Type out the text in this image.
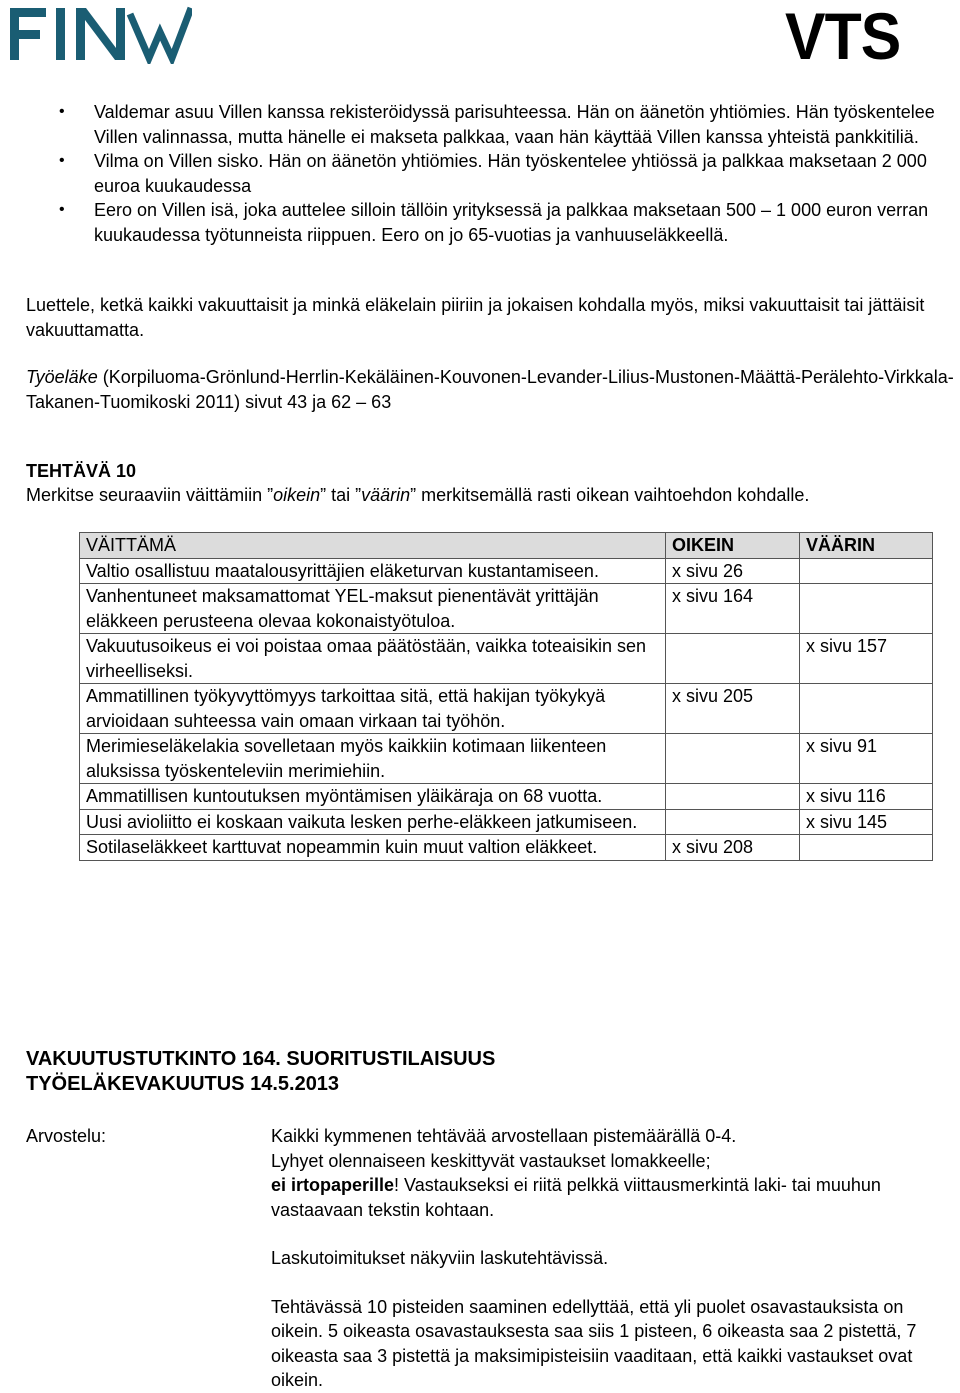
VTS
• Valdemar asuu Villen kanssa rekisteröidyssä parisuhteessa. Hän on äänetön yhtiömies. Hän työskentelee Villen valinnassa, mutta hänelle ei makseta palkkaa, vaan hän käyttää Villen kanssa yhteistä pankkitiliä.
• Vilma on Villen sisko. Hän on äänetön yhtiömies. Hän työskentelee yhtiössä ja palkkaa maksetaan 2 000 euroa kuukaudessa
• Eero on Villen isä, joka auttelee silloin tällöin yrityksessä ja palkkaa maksetaan 500 – 1 000 euron verran kuukaudessa työtunneista riippuen. Eero on jo 65-vuotias ja vanhuuseläkkeellä.

Luettele, ketkä kaikki vakuuttaisit ja minkä eläkelain piiriin ja jokaisen kohdalla myös, miksi vakuuttaisit tai jättäisit vakuuttamatta.

Työeläke (Korpiluoma-Grönlund-Herrlin-Kekäläinen-Kouvonen-Levander-Lilius-Mustonen-Määttä-Perälehto-Virkkala-Takanen-Tuomikoski 2011) sivut 43 ja 62 – 63

TEHTÄVÄ 10

Merkitse seuraaviin väittämiin ”oikein” tai ”väärin” merkitsemällä rasti oikean vaihtoehdon kohdalle.

VÄITTÄMÄ	OIKEIN	VÄÄRIN
Valtio osallistuu maatalousyrittäjien eläketurvan kustantamiseen.	x sivu 26	
Vanhentuneet maksamattomat YEL-maksut pienentävät yrittäjän eläkkeen perusteena olevaa kokonaistyötuloa.	x sivu 164	
Vakuutusoikeus ei voi poistaa omaa päätöstään, vaikka toteaisikin sen virheelliseksi.		x sivu 157
Ammatillinen työkyvyttömyys tarkoittaa sitä, että hakijan työkykyä arvioidaan suhteessa vain omaan virkaan tai työhön.	x sivu 205	
Merimieseläkelakia sovelletaan myös kaikkiin kotimaan liikenteen aluksissa työskenteleviin merimiehiin.		x sivu 91
Ammatillisen kuntoutuksen myöntämisen yläikäraja on 68 vuotta.		x sivu 116
Uusi avioliitto ei koskaan vaikuta lesken perhe-eläkkeen jatkumiseen.		x sivu 145
Sotilaseläkkeet karttuvat nopeammin kuin muut valtion eläkkeet.	x sivu 208	

VAKUUTUSTUTKINTO 164. SUORITUSTILAISUUS
TYÖELÄKEVAKUUTUS 14.5.2013

Arvostelu:	Kaikki kymmenen tehtävää arvostellaan pistemäärällä 0-4.

Lyhyet olennaiseen keskittyvät vastaukset lomakkeelle;

ei irtopaperille! Vastaukseksi ei riitä pelkkä viittausmerkintä laki- tai muuhun vastaavaan tekstin kohtaan.

Laskutoimitukset näkyviin laskutehtävissä.

Tehtävässä 10 pisteiden saaminen edellyttää, että yli puolet osavastauksista on oikein. 5 oikeasta osavastauksesta saa siis 1 pisteen, 6 oikeasta saa 2 pistettä, 7 oikeasta saa 3 pistettä ja maksimipisteisiin vaaditaan, että kaikki vastaukset ovat oikein.
